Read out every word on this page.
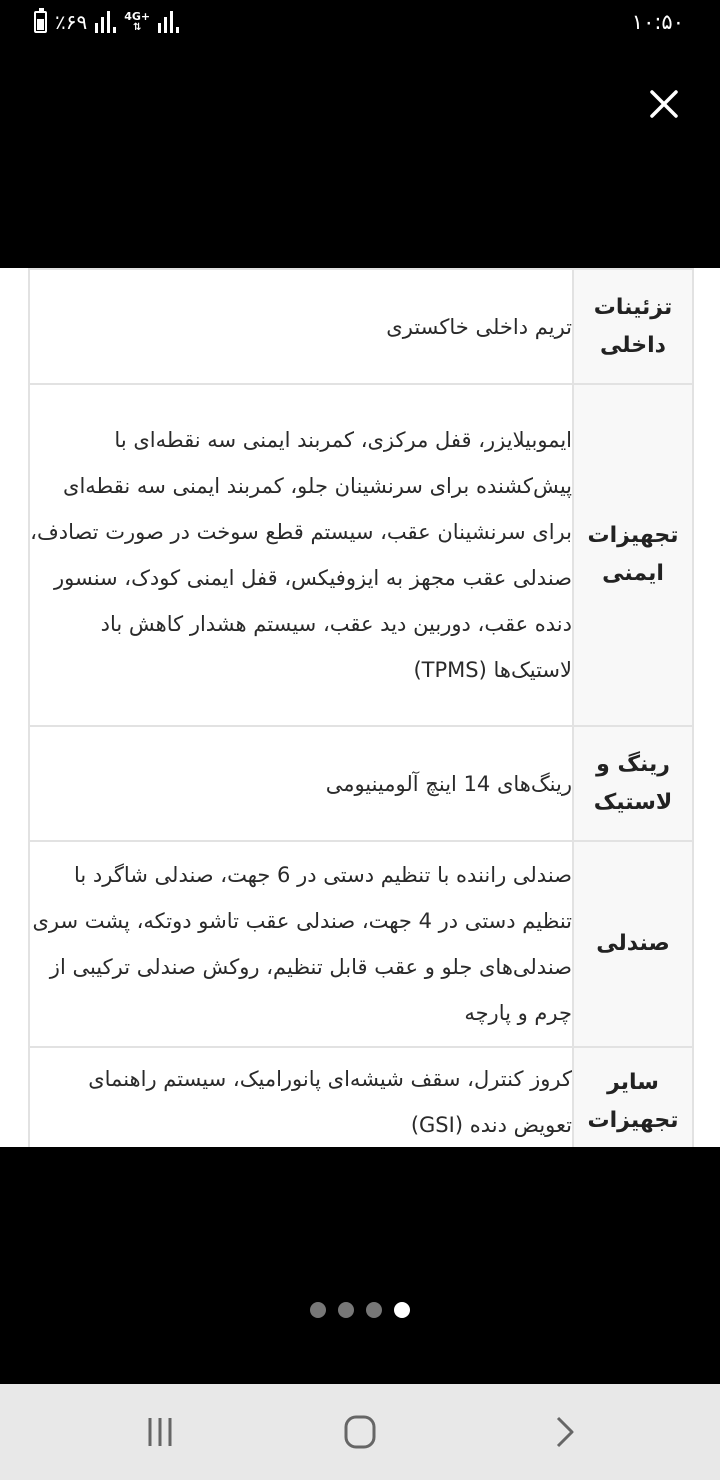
٪۶۹	4G+
⇅	۱۰:۵۰
تزئینات
داخلی	تریم داخلی خاکستری

تجهیزات
ایمنی	ایموبیلایزر، قفل مرکزی، کمربند ایمنی سه نقطه‌ای با پیش‌کشنده برای سرنشینان جلو، کمربند ایمنی سه نقطه‌ای برای سرنشینان عقب، سیستم قطع سوخت در صورت تصادف، صندلی عقب مجهز به ایزوفیکس، قفل ایمنی کودک، سنسور دنده عقب، دوربین دید عقب، سیستم هشدار کاهش باد لاستیک‌ها (TPMS)

رینگ و
لاستیک	رینگ‌های 14 اینچ آلومینیومی

صندلی	صندلی راننده با تنظیم دستی در 6 جهت، صندلی شاگرد با تنظیم دستی در 4 جهت، صندلی عقب تاشو دوتکه، پشت سری صندلی‌های جلو و عقب قابل تنظیم، روکش صندلی ترکیبی از چرم و پارچه

سایر
تجهیزات	کروز کنترل، سقف شیشه‌ای پانورامیک، سیستم راهنمای تعویض دنده (GSI)
